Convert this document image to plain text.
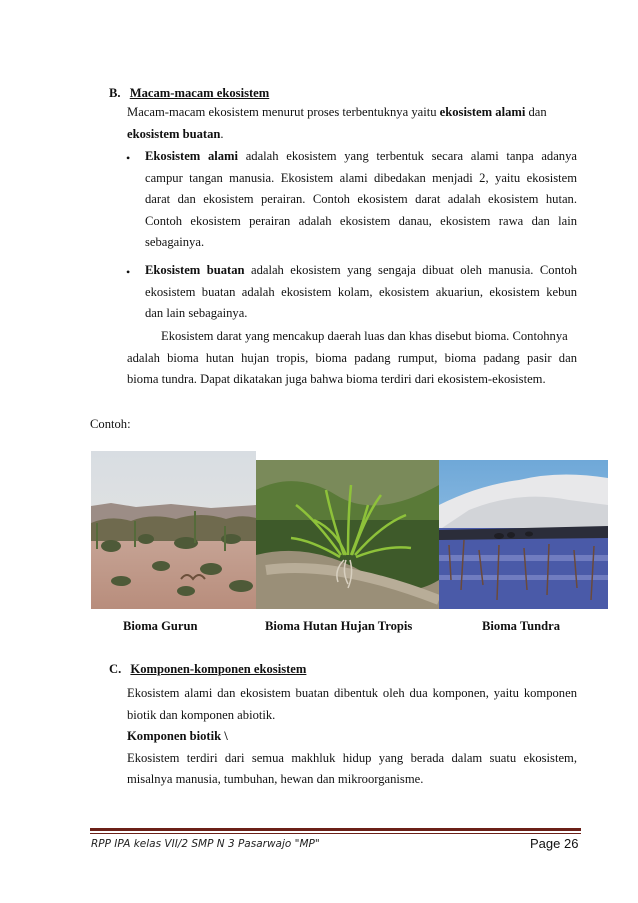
B. Macam-macam ekosistem
Macam-macam ekosistem menurut proses terbentuknya yaitu ekosistem alami dan
ekosistem buatan.
• Ekosistem alami adalah ekosistem yang terbentuk secara alami tanpa adanya
campur tangan manusia. Ekosistem alami dibedakan menjadi 2, yaitu ekosistem
darat dan ekosistem perairan. Contoh ekosistem darat adalah ekosistem hutan.
Contoh ekosistem perairan adalah ekosistem danau, ekosistem rawa dan lain
sebagainya.
• Ekosistem buatan adalah ekosistem yang sengaja dibuat oleh manusia. Contoh
ekosistem buatan adalah ekosistem kolam, ekosistem akuariun, ekosistem kebun
dan lain sebagainya.
Ekosistem darat yang mencakup daerah luas dan khas disebut bioma. Contohnya
adalah bioma hutan hujan tropis, bioma padang rumput, bioma padang pasir dan
bioma tundra. Dapat dikatakan juga bahwa bioma terdiri dari ekosistem-ekosistem.
Contoh:
Bioma Gurun	Bioma Hutan Hujan Tropis	Bioma Tundra
C. Komponen-komponen ekosistem
Ekosistem alami dan ekosistem buatan dibentuk oleh dua komponen, yaitu komponen
biotik dan komponen abiotik.
Komponen biotik \
Ekosistem terdiri dari semua makhluk hidup yang berada dalam suatu ekosistem,
misalnya manusia, tumbuhan, hewan dan mikroorganisme.
RPP IPA kelas VII/2 SMP N 3 Pasarwajo "MP"	Page 26
